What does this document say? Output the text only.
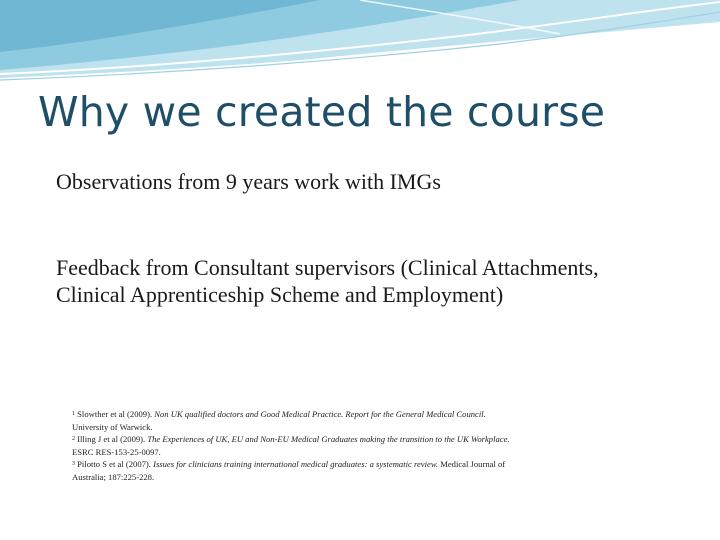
Why we created the course
Observations from 9 years work with IMGs
Feedback from Consultant supervisors (Clinical Attachments, Clinical Apprenticeship Scheme and Employment)
$^1$ Slowther et al (2009). Non UK qualified doctors and Good Medical Practice. Report for the General Medical Council. University of Warwick.
$^2$ Illing J et al (2009). The Experiences of UK, EU and Non-EU Medical Graduates making the transition to the UK Workplace. ESRC RES-153-25-0097.
$^3$ Pilotto S et al (2007). Issues for clinicians training international medical graduates: a systematic review. Medical Journal of Australia; 187:225-228.
